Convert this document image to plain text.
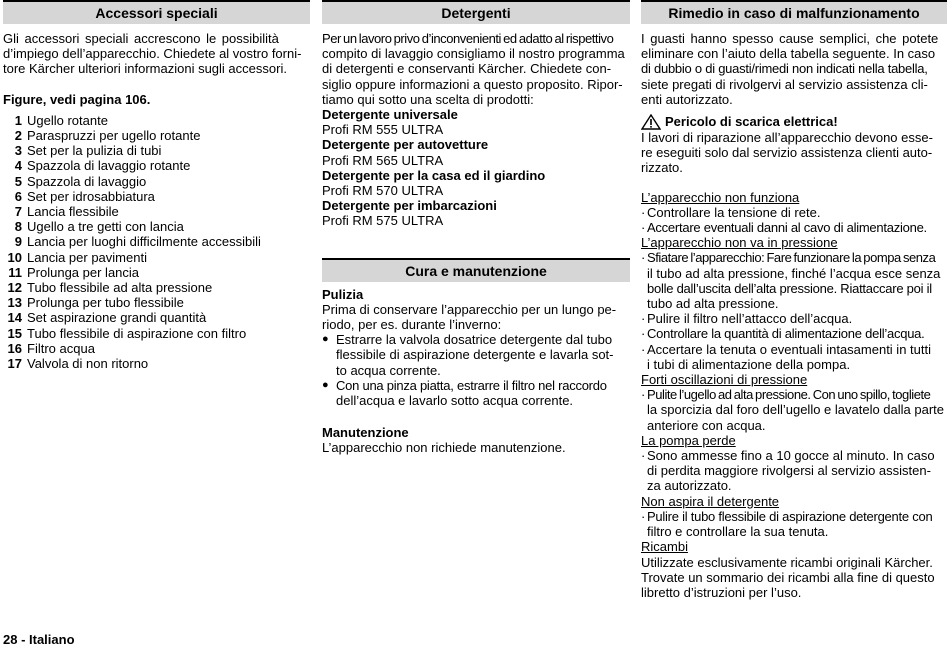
Accessori speciali
Gli accessori speciali accrescono le possibilità
d’impiego dell’apparecchio. Chiedete al vostro forni-
tore Kärcher ulteriori informazioni sugli accessori.
Figure, vedi pagina 106.
1 Ugello rotante
2 Paraspruzzi per ugello rotante
3 Set per la pulizia di tubi
4 Spazzola di lavaggio rotante
5 Spazzola di lavaggio
6 Set per idrosabbiatura
7 Lancia flessibile
8 Ugello a tre getti con lancia
9 Lancia per luoghi difficilmente accessibili
10 Lancia per pavimenti
11 Prolunga per lancia
12 Tubo flessibile ad alta pressione
13 Prolunga per tubo flessibile
14 Set aspirazione grandi quantità
15 Tubo flessibile di aspirazione con filtro
16 Filtro acqua
17 Valvola di non ritorno
Detergenti
Per un lavoro privo d’inconvenienti ed adatto al rispettivo
compito di lavaggio consigliamo il nostro programma
di detergenti e conservanti Kärcher. Chiedete con-
siglio oppure informazioni a questo proposito. Ripor-
tiamo qui sotto una scelta di prodotti:
Detergente universale
Profi RM 555 ULTRA
Detergente per autovetture
Profi RM 565 ULTRA
Detergente per la casa ed il giardino
Profi RM 570 ULTRA
Detergente per imbarcazioni
Profi RM 575 ULTRA
Cura e manutenzione
Pulizia
Prima di conservare l’apparecchio per un lungo pe-
riodo, per es. durante l’inverno:
● Estrarre la valvola dosatrice detergente dal tubo
flessibile di aspirazione detergente e lavarla sot-
to acqua corrente.
● Con una pinza piatta, estrarre il filtro nel raccordo
dell’acqua e lavarlo sotto acqua corrente.
Manutenzione
L’apparecchio non richiede manutenzione.
Rimedio in caso di malfunzionamento
I guasti hanno spesso cause semplici, che potete
eliminare con l’aiuto della tabella seguente. In caso
di dubbio o di guasti/rimedi non indicati nella tabella,
siete pregati di rivolgervi al servizio assistenza cli-
enti autorizzato.
Pericolo di scarica elettrica!
I lavori di riparazione all’apparecchio devono esse-
re eseguiti solo dal servizio assistenza clienti auto-
rizzato.
L’apparecchio non funziona
· Controllare la tensione di rete.
· Accertare eventuali danni al cavo di alimentazione.
L’apparecchio non va in pressione
· Sfiatare l’apparecchio: Fare funzionare la pompa senza
il tubo ad alta pressione, finché l’acqua esce senza
bolle dall’uscita dell’alta pressione. Riattaccare poi il
tubo ad alta pressione.
· Pulire il filtro nell’attacco dell’acqua.
· Controllare la quantità di alimentazione dell’acqua.
· Accertare la tenuta o eventuali intasamenti in tutti
i tubi di alimentazione della pompa.
Forti oscillazioni di pressione
· Pulite l’ugello ad alta pressione. Con uno spillo, togliete
la sporcizia dal foro dell’ugello e lavatelo dalla parte
anteriore con acqua.
La pompa perde
· Sono ammesse fino a 10 gocce al minuto. In caso
di perdita maggiore rivolgersi al servizio assisten-
za autorizzato.
Non aspira il detergente
· Pulire il tubo flessibile di aspirazione detergente con
filtro e controllare la sua tenuta.
Ricambi
Utilizzate esclusivamente ricambi originali Kärcher.
Trovate un sommario dei ricambi alla fine di questo
libretto d’istruzioni per l’uso.
28 - Italiano
